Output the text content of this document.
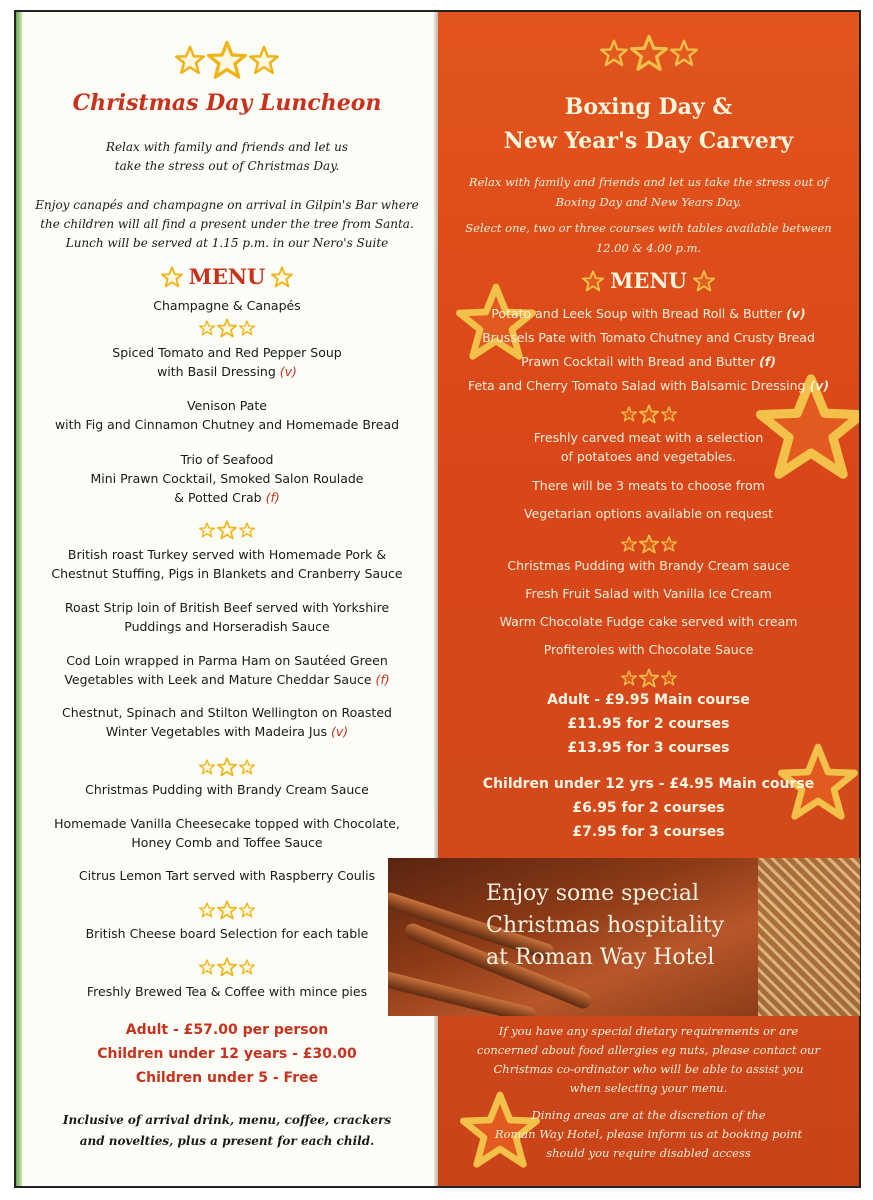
Christmas Day Luncheon
Relax with family and friends and let us
take the stress out of Christmas Day.
Enjoy canapés and champagne on arrival in Gilpin's Bar where
the children will all find a present under the tree from Santa.
Lunch will be served at 1.15 p.m. in our Nero's Suite
MENU
Champagne & Canapés
Spiced Tomato and Red Pepper Soup
with Basil Dressing (v)
Venison Pate
with Fig and Cinnamon Chutney and Homemade Bread
Trio of Seafood
Mini Prawn Cocktail, Smoked Salon Roulade
& Potted Crab (f)
British roast Turkey served with Homemade Pork &
Chestnut Stuffing, Pigs in Blankets and Cranberry Sauce
Roast Strip loin of British Beef served with Yorkshire
Puddings and Horseradish Sauce
Cod Loin wrapped in Parma Ham on Sautéed Green
Vegetables with Leek and Mature Cheddar Sauce (f)
Chestnut, Spinach and Stilton Wellington on Roasted
Winter Vegetables with Madeira Jus (v)
Christmas Pudding with Brandy Cream Sauce
Homemade Vanilla Cheesecake topped with Chocolate,
Honey Comb and Toffee Sauce
Citrus Lemon Tart served with Raspberry Coulis
British Cheese board Selection for each table
Freshly Brewed Tea & Coffee with mince pies
Adult - £57.00 per person
Children under 12 years - £30.00
Children under 5 - Free
Inclusive of arrival drink, menu, coffee, crackers
and novelties, plus a present for each child.
Boxing Day &
New Year's Day Carvery
Relax with family and friends and let us take the stress out of
Boxing Day and New Years Day.
Select one, two or three courses with tables available between
12.00 & 4.00 p.m.
MENU
Potato and Leek Soup with Bread Roll & Butter (v)
Brussels Pate with Tomato Chutney and Crusty Bread
Prawn Cocktail with Bread and Butter (f)
Feta and Cherry Tomato Salad with Balsamic Dressing (v)
Freshly carved meat with a selection
of potatoes and vegetables.
There will be 3 meats to choose from
Vegetarian options available on request
Christmas Pudding with Brandy Cream sauce
Fresh Fruit Salad with Vanilla Ice Cream
Warm Chocolate Fudge cake served with cream
Profiteroles with Chocolate Sauce
Adult - £9.95 Main course
£11.95 for 2 courses
£13.95 for 3 courses
Children under 12 yrs - £4.95 Main course
£6.95 for 2 courses
£7.95 for 3 courses
If you have any special dietary requirements or are
concerned about food allergies eg nuts, please contact our
Christmas co-ordinator who will be able to assist you
when selecting your menu.
Dining areas are at the discretion of the
Roman Way Hotel, please inform us at booking point
should you require disabled access
Enjoy some special
Christmas hospitality
at Roman Way Hotel
